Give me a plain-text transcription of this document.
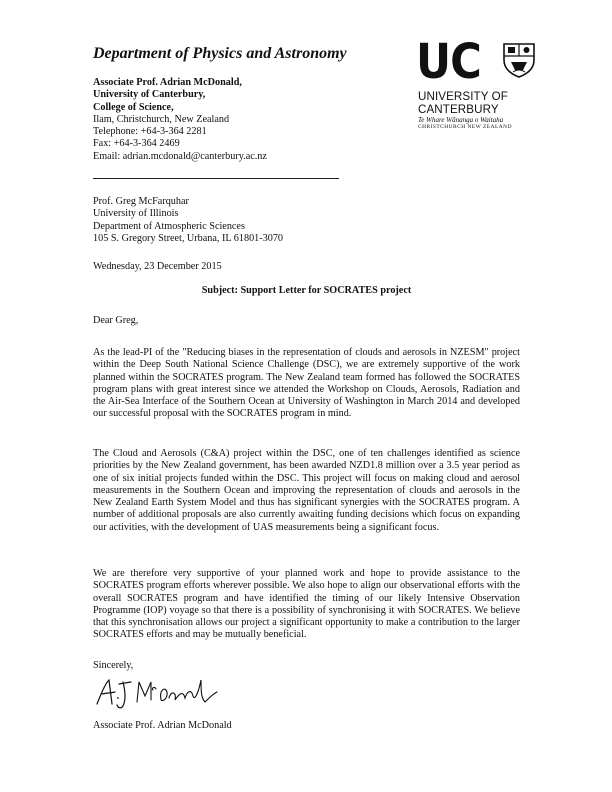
Department of Physics and Astronomy
Associate Prof. Adrian McDonald,
University of Canterbury,
College of Science,
Ilam, Christchurch, New Zealand
Telephone: +64-3-364 2281
Fax: +64-3-364 2469
Email: adrian.mcdonald@canterbury.ac.nz
UC
UNIVERSITY OF
CANTERBURY
Te Whare Wānanga o Waitaha
CHRISTCHURCH NEW ZEALAND
Prof. Greg McFarquhar
University of Illinois
Department of Atmospheric Sciences
105 S. Gregory Street, Urbana, IL 61801-3070
Wednesday, 23 December 2015
Subject: Support Letter for SOCRATES project
Dear Greg,

As the lead-PI of the "Reducing biases in the representation of clouds and aerosols in NZESM" project within the Deep South National Science Challenge (DSC), we are extremely supportive of the work planned within the SOCRATES program. The New Zealand team formed has followed the SOCRATES program plans with great interest since we attended the Workshop on Clouds, Aerosols, Radiation and the Air-Sea Interface of the Southern Ocean at University of Washington in March 2014 and developed our successful proposal with the SOCRATES program in mind.

The Cloud and Aerosols (C&A) project within the DSC, one of ten challenges identified as science priorities by the New Zealand government, has been awarded NZD1.8 million over a 3.5 year period as one of six initial projects funded within the DSC. This project will focus on making cloud and aerosol measurements in the Southern Ocean and improving the representation of clouds and aerosols in the New Zealand Earth System Model and thus has significant synergies with the SOCRATES program. A number of additional proposals are also currently awaiting funding decisions which focus on expanding our activities, with the development of UAS measurements being a significant focus.

We are therefore very supportive of your planned work and hope to provide assistance to the SOCRATES program efforts wherever possible. We also hope to align our observational efforts with the overall SOCRATES program and have identified the timing of our likely Intensive Observation Programme (IOP) voyage so that there is a possibility of synchronising it with SOCRATES. We believe that this synchronisation allows our project a significant opportunity to make a contribution to the larger SOCRATES efforts and may be mutually beneficial.

Sincerely,
Associate Prof. Adrian McDonald
